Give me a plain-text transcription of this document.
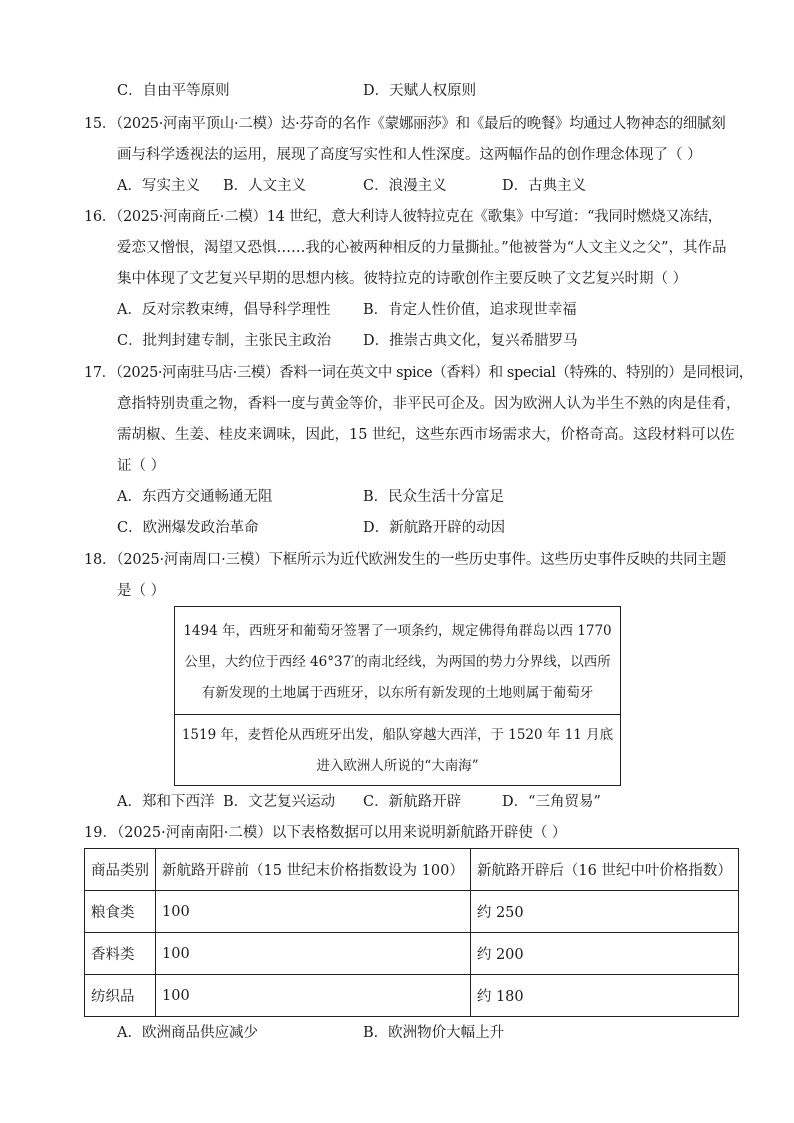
C．自由平等原则	D．天赋人权原则
15．（2025·河南平顶山·二模）达·芬奇的名作《蒙娜丽莎》和《最后的晚餐》均通过人物神态的细腻刻
画与科学透视法的运用，展现了高度写实性和人性深度。这两幅作品的创作理念体现了（ ）
A．写实主义 B．人文主义	C．浪漫主义	D．古典主义
16．（2025·河南商丘·二模）14 世纪，意大利诗人彼特拉克在《歌集》中写道：“我同时燃烧又冻结，
爱恋又憎恨，渴望又恐惧……我的心被两种相反的力量撕扯。”他被誉为“人文主义之父”，其作品
集中体现了文艺复兴早期的思想内核。彼特拉克的诗歌创作主要反映了文艺复兴时期（ ）
A．反对宗教束缚，倡导科学理性 B．肯定人性价值，追求现世幸福
C．批判封建专制，主张民主政治 D．推崇古典文化，复兴希腊罗马
17．（2025·河南驻马店·三模）香料一词在英文中 spice（香料）和 special（特殊的、特别的）是同根词，
意指特别贵重之物，香料一度与黄金等价，非平民可企及。因为欧洲人认为半生不熟的肉是佳肴，
需胡椒、生姜、桂皮来调味，因此，15 世纪，这些东西市场需求大，价格奇高。这段材料可以佐
证（ ）
A．东西方交通畅通无阻	B．民众生活十分富足
C．欧洲爆发政治革命	D．新航路开辟的动因
18．（2025·河南周口·三模）下框所示为近代欧洲发生的一些历史事件。这些历史事件反映的共同主题
是（ ）
1494 年，西班牙和葡萄牙签署了一项条约，规定佛得角群岛以西 1770
公里，大约位于西经 46°37′的南北经线，为两国的势力分界线，以西所
有新发现的土地属于西班牙，以东所有新发现的土地则属于葡萄牙
1519 年，麦哲伦从西班牙出发，船队穿越大西洋，于 1520 年 11 月底
进入欧洲人所说的“大南海”
A．郑和下西洋 B．文艺复兴运动 C．新航路开辟	D．“三角贸易”
19．（2025·河南南阳·二模）以下表格数据可以用来说明新航路开辟使（ ）
商品类别	新航路开辟前（15 世纪末价格指数设为 100）	新航路开辟后（16 世纪中叶价格指数）
粮食类	100	约 250
香料类	100	约 200
纺织品	100	约 180
A．欧洲商品供应减少	B．欧洲物价大幅上升
